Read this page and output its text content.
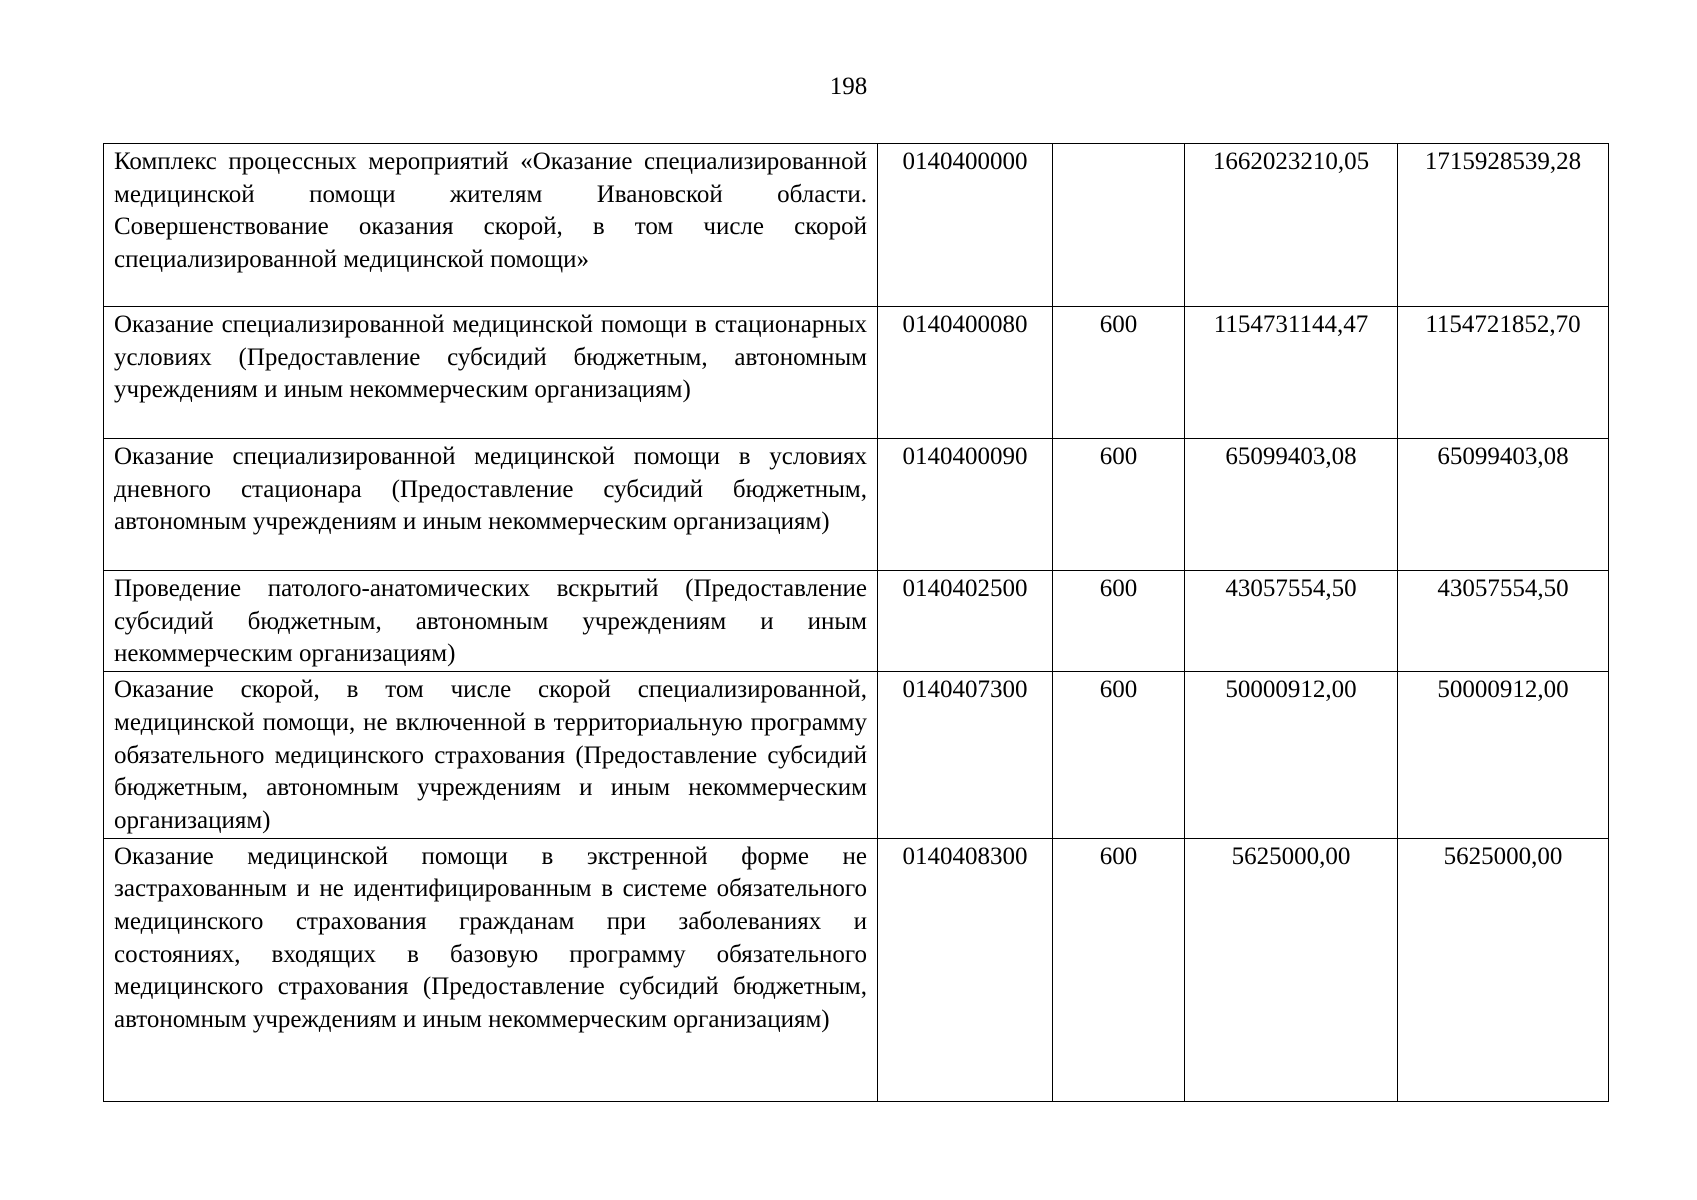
198
Комплекс процессных мероприятий «Оказание специализированной медицинской помощи жителям Ивановской области. Совершенствование оказания скорой, в том числе скорой специализированной медицинской помощи»	0140400000		1662023210,05	1715928539,28
Оказание специализированной медицинской помощи в стационарных условиях (Предоставление субсидий бюджетным, автономным учреждениям и иным некоммерческим организациям)	0140400080	600	1154731144,47	1154721852,70
Оказание специализированной медицинской помощи в условиях дневного стационара (Предоставление субсидий бюджетным, автономным учреждениям и иным некоммерческим организациям)	0140400090	600	65099403,08	65099403,08
Проведение патолого-анатомических вскрытий (Предоставление субсидий бюджетным, автономным учреждениям и иным некоммерческим организациям)	0140402500	600	43057554,50	43057554,50
Оказание скорой, в том числе скорой специализированной, медицинской помощи, не включенной в территориальную программу обязательного медицинского страхования (Предоставление субсидий бюджетным, автономным учреждениям и иным некоммерческим организациям)	0140407300	600	50000912,00	50000912,00
Оказание медицинской помощи в экстренной форме не застрахованным и не идентифицированным в системе обязательного медицинского страхования гражданам при заболеваниях и состояниях, входящих в базовую программу обязательного медицинского страхования (Предоставление субсидий бюджетным, автономным учреждениям и иным некоммерческим организациям)	0140408300	600	5625000,00	5625000,00
